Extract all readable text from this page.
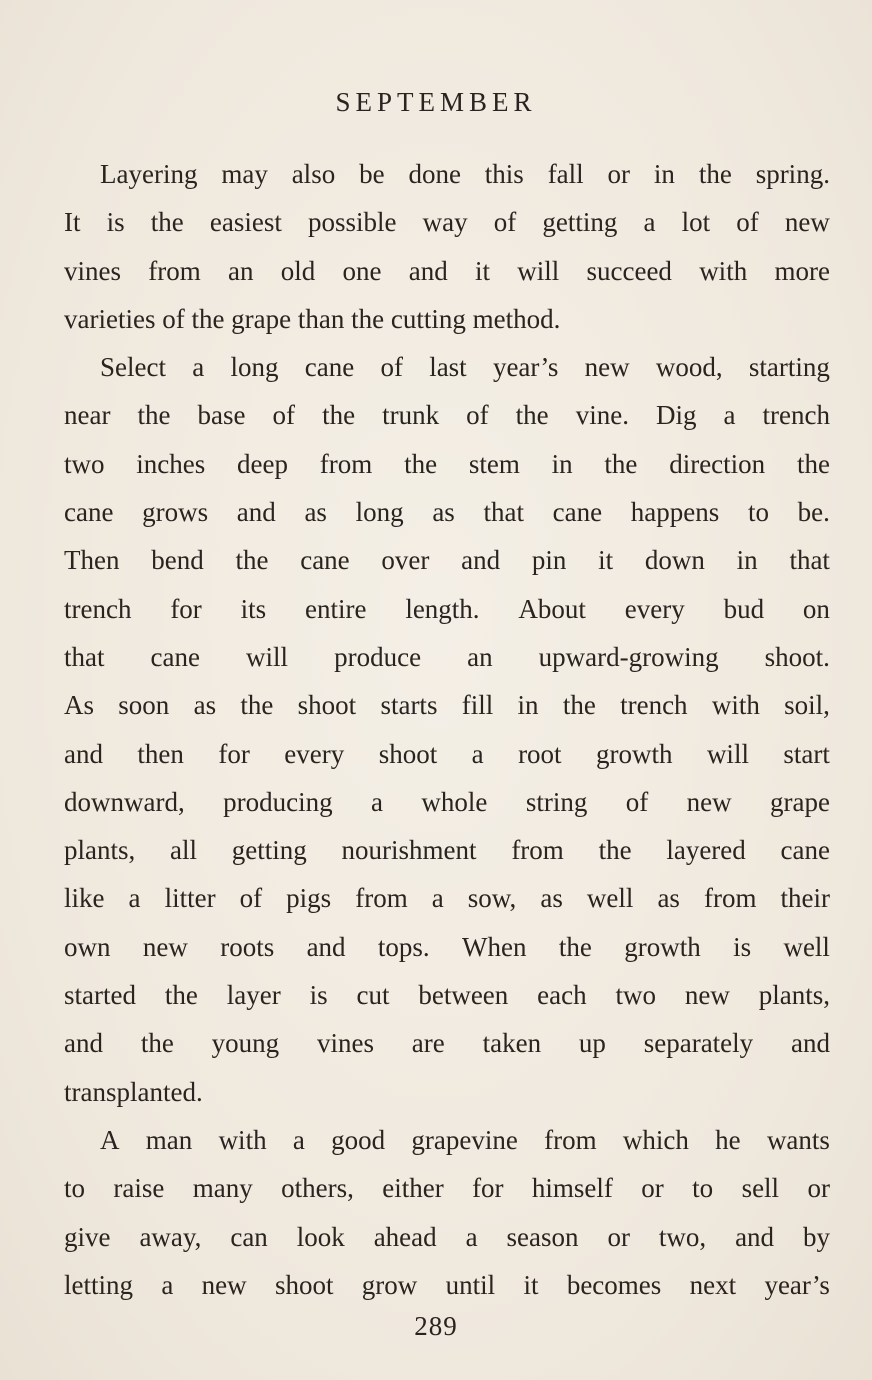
SEPTEMBER
Layering may also be done this fall or in the spring.
It is the easiest possible way of getting a lot of new
vines from an old one and it will succeed with more
varieties of the grape than the cutting method.
Select a long cane of last year’s new wood, starting
near the base of the trunk of the vine. Dig a trench
two inches deep from the stem in the direction the
cane grows and as long as that cane happens to be.
Then bend the cane over and pin it down in that
trench for its entire length. About every bud on
that cane will produce an upward-growing shoot.
As soon as the shoot starts fill in the trench with soil,
and then for every shoot a root growth will start
downward, producing a whole string of new grape
plants, all getting nourishment from the layered cane
like a litter of pigs from a sow, as well as from their
own new roots and tops. When the growth is well
started the layer is cut between each two new plants,
and the young vines are taken up separately and
transplanted.
A man with a good grapevine from which he wants
to raise many others, either for himself or to sell or
give away, can look ahead a season or two, and by
letting a new shoot grow until it becomes next year’s
289
